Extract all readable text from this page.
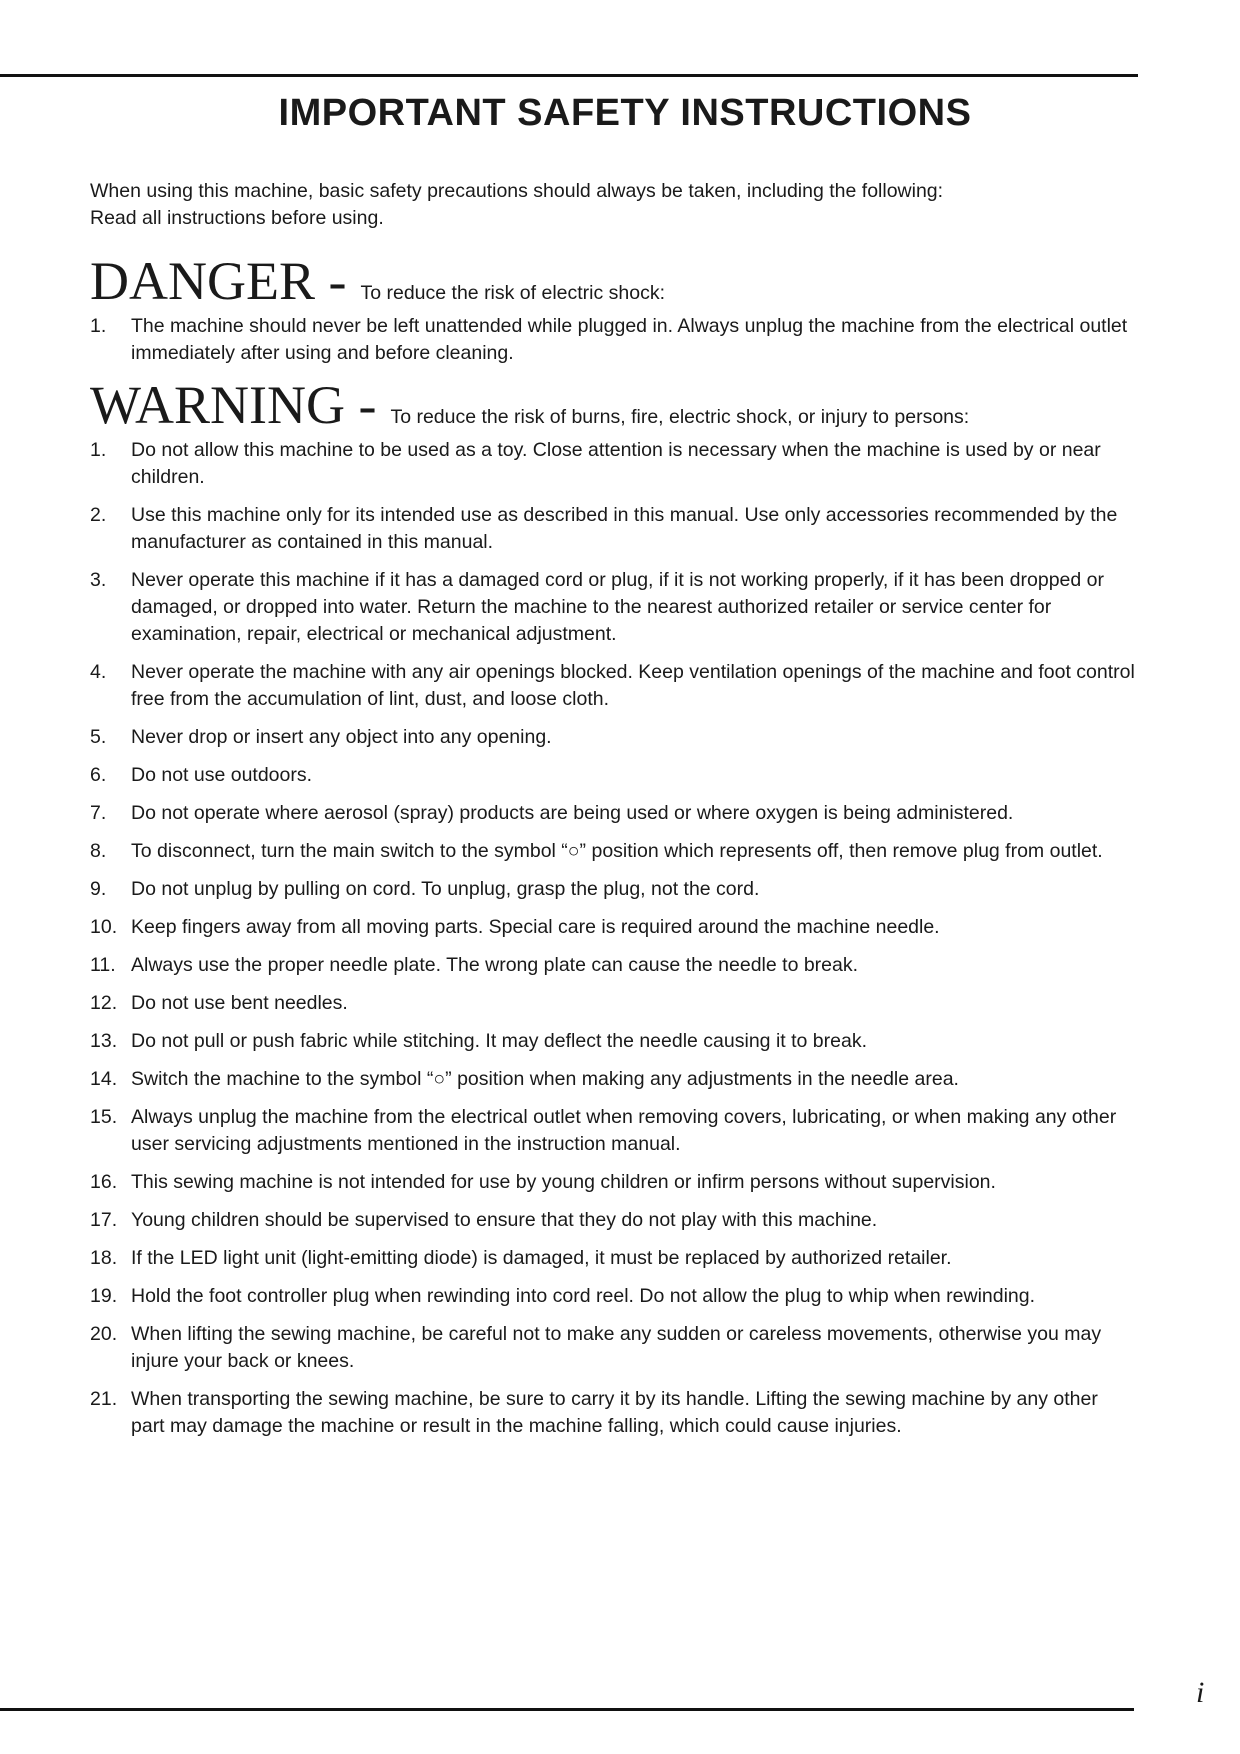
IMPORTANT SAFETY INSTRUCTIONS

When using this machine, basic safety precautions should always be taken, including the following:

Read all instructions before using.

DANGER - To reduce the risk of electric shock:
1. The machine should never be left unattended while plugged in. Always unplug the machine from the electrical outlet immediately after using and before cleaning.
WARNING - To reduce the risk of burns, fire, electric shock, or injury to persons:
1. Do not allow this machine to be used as a toy. Close attention is necessary when the machine is used by or near children.
2. Use this machine only for its intended use as described in this manual. Use only accessories recommended by the manufacturer as contained in this manual.
3. Never operate this machine if it has a damaged cord or plug, if it is not working properly, if it has been dropped or damaged, or dropped into water. Return the machine to the nearest authorized retailer or service center for examination, repair, electrical or mechanical adjustment.
4. Never operate the machine with any air openings blocked. Keep ventilation openings of the machine and foot control free from the accumulation of lint, dust, and loose cloth.
5. Never drop or insert any object into any opening.
6. Do not use outdoors.
7. Do not operate where aerosol (spray) products are being used or where oxygen is being administered.
8. To disconnect, turn the main switch to the symbol “○” position which represents off, then remove plug from outlet.
9. Do not unplug by pulling on cord. To unplug, grasp the plug, not the cord.
10. Keep fingers away from all moving parts. Special care is required around the machine needle.
11. Always use the proper needle plate. The wrong plate can cause the needle to break.
12. Do not use bent needles.
13. Do not pull or push fabric while stitching. It may deflect the needle causing it to break.
14. Switch the machine to the symbol “○” position when making any adjustments in the needle area.
15. Always unplug the machine from the electrical outlet when removing covers, lubricating, or when making any other user servicing adjustments mentioned in the instruction manual.
16. This sewing machine is not intended for use by young children or infirm persons without supervision.
17. Young children should be supervised to ensure that they do not play with this machine.
18. If the LED light unit (light-emitting diode) is damaged, it must be replaced by authorized retailer.
19. Hold the foot controller plug when rewinding into cord reel. Do not allow the plug to whip when rewinding.
20. When lifting the sewing machine, be careful not to make any sudden or careless movements, otherwise you may injure your back or knees.
21. When transporting the sewing machine, be sure to carry it by its handle. Lifting the sewing machine by any other part may damage the machine or result in the machine falling, which could cause injuries.
i
